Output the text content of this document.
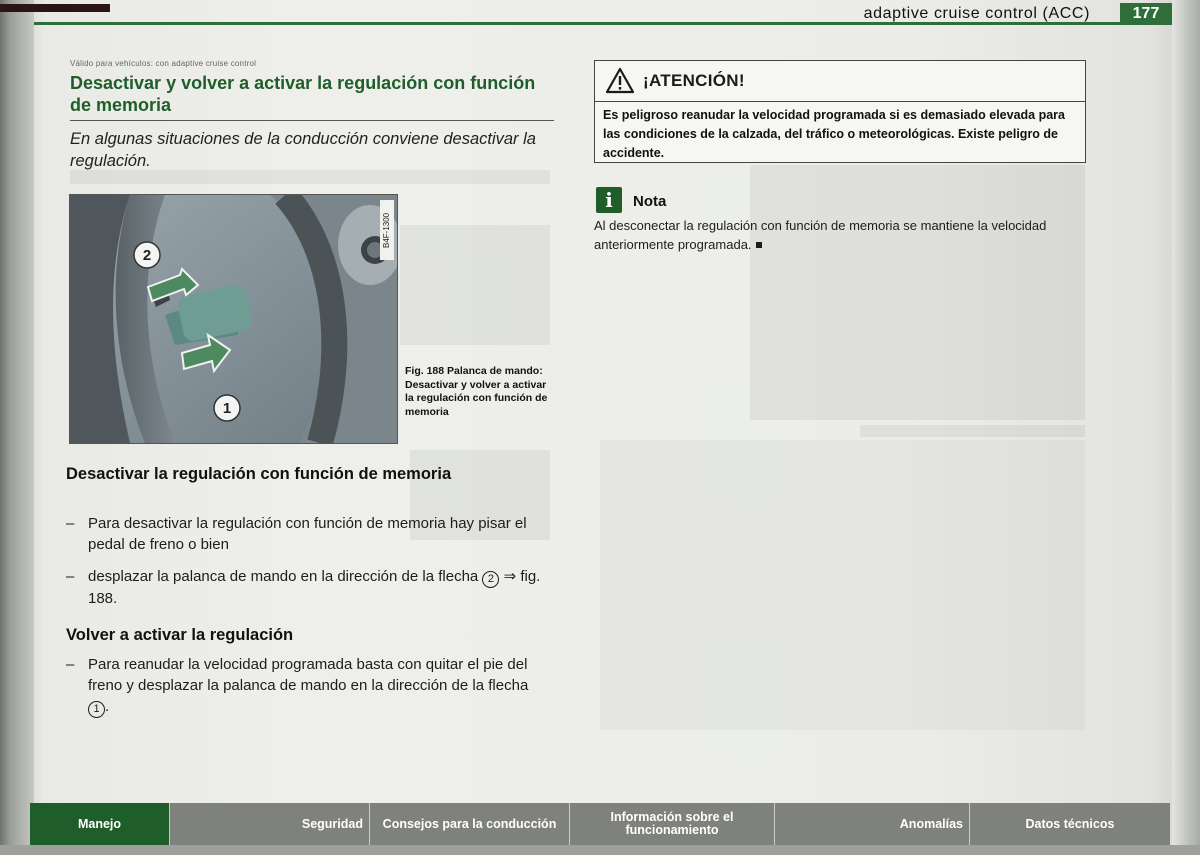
adaptive cruise control (ACC)	177
Válido para vehículos: con adaptive cruise control
Desactivar y volver a activar la regulación con función de memoria
En algunas situaciones de la conducción conviene desactivar la regulación.
2
1
B4F-1300
Fig. 188 Palanca de mando: Desactivar y volver a activar la regulación con función de memoria
Desactivar la regulación con función de memoria
– Para desactivar la regulación con función de memoria hay pisar el pedal de freno o bien
– desplazar la palanca de mando en la dirección de la flecha 2 ⇒ fig. 188.
Volver a activar la regulación
– Para reanudar la velocidad programada basta con quitar el pie del freno y desplazar la palanca de mando en la dirección de la flecha 1 .
¡ATENCIÓN!
Es peligroso reanudar la velocidad programada si es demasiado elevada para las condiciones de la calzada, del tráfico o meteorológicas. Existe peligro de accidente.
i	Nota
Al desconectar la regulación con función de memoria se mantiene la velocidad anteriormente programada.
Manejo	Seguridad	Consejos para la conducción	Información sobre el funcionamiento	Anomalías	Datos técnicos
